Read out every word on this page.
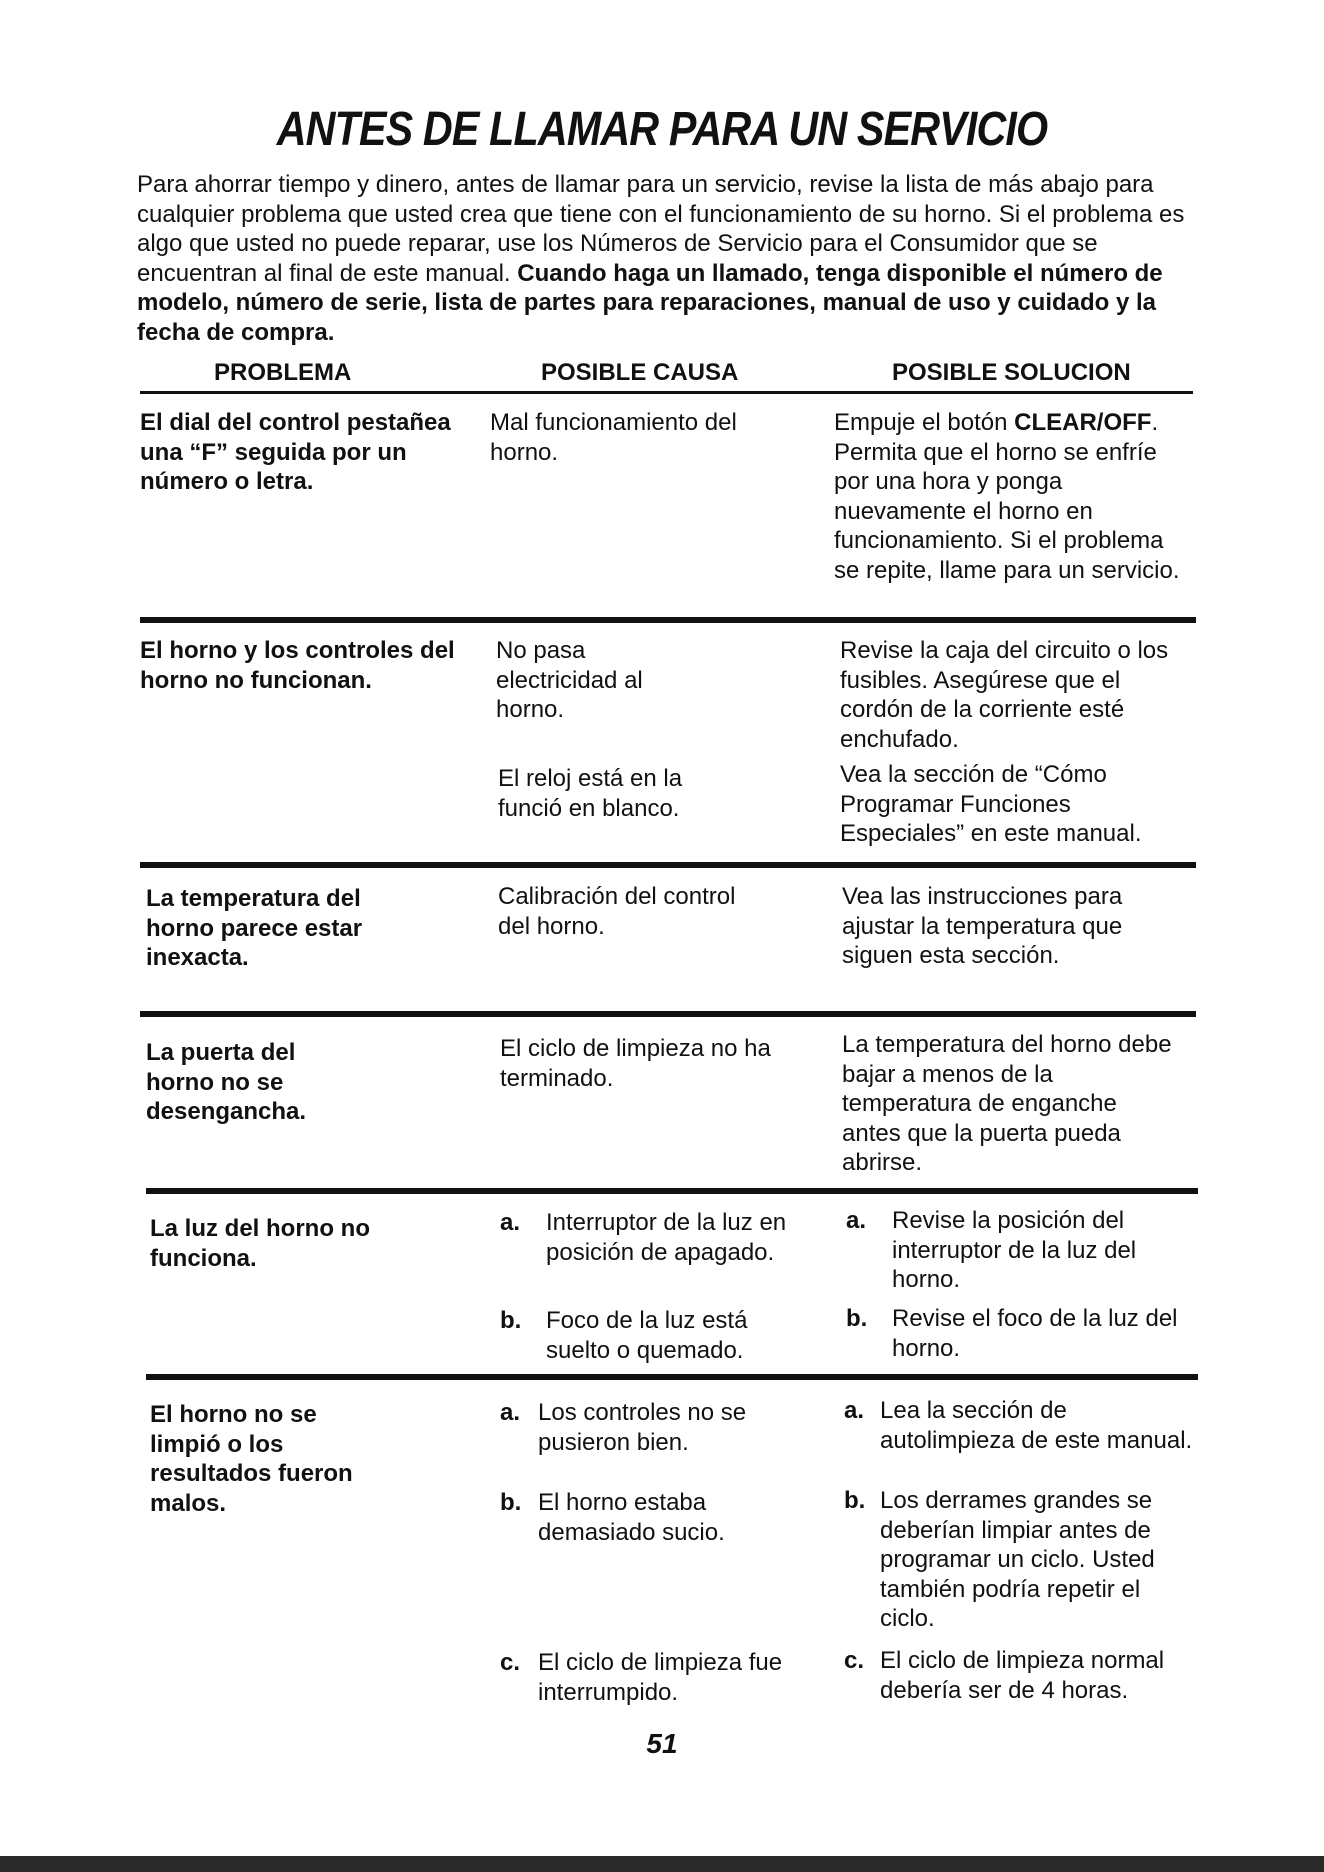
ANTES DE LLAMAR PARA UN SERVICIO

Para ahorrar tiempo y dinero, antes de llamar para un servicio, revise la lista de más abajo para cualquier problema que usted crea que tiene con el funcionamiento de su horno. Si el problema es algo que usted no puede reparar, use los Números de Servicio para el Consumidor que se encuentran al final de este manual. Cuando haga un llamado, tenga disponible el número de modelo, número de serie, lista de partes para reparaciones, manual de uso y cuidado y la fecha de compra.

PROBLEMA	POSIBLE CAUSA	POSIBLE SOLUCION

El dial del control pestañea una “F” seguida por un número o letra.

Mal funcionamiento del horno.

Empuje el botón CLEAR/OFF. Permita que el horno se enfríe por una hora y ponga nuevamente el horno en funcionamiento. Si el problema se repite, llame para un servicio.

El horno y los controles del horno no funcionan.

No pasa electricidad al horno.

Revise la caja del circuito o los fusibles. Asegúrese que el cordón de la corriente esté enchufado.

El reloj está en la funció en blanco.

Vea la sección de “Cómo Programar Funciones Especiales” en este manual.

La temperatura del horno parece estar inexacta.

Calibración del control del horno.

Vea las instrucciones para ajustar la temperatura que siguen esta sección.

La puerta del horno no se desengancha.

El ciclo de limpieza no ha terminado.

La temperatura del horno debe bajar a menos de la temperatura de enganche antes que la puerta pueda abrirse.

La luz del horno no funciona.

a. Interruptor de la luz en posición de apagado.
b. Foco de la luz está suelto o quemado.
a. Revise la posición del interruptor de la luz del horno.
b. Revise el foco de la luz del horno.

El horno no se limpió o los resultados fueron malos.

a. Los controles no se pusieron bien.
b. El horno estaba demasiado sucio.
c. El ciclo de limpieza fue interrumpido.
a. Lea la sección de autolimpieza de este manual.
b. Los derrames grandes se deberían limpiar antes de programar un ciclo. Usted también podría repetir el ciclo.
c. El ciclo de limpieza normal debería ser de 4 horas.
51
